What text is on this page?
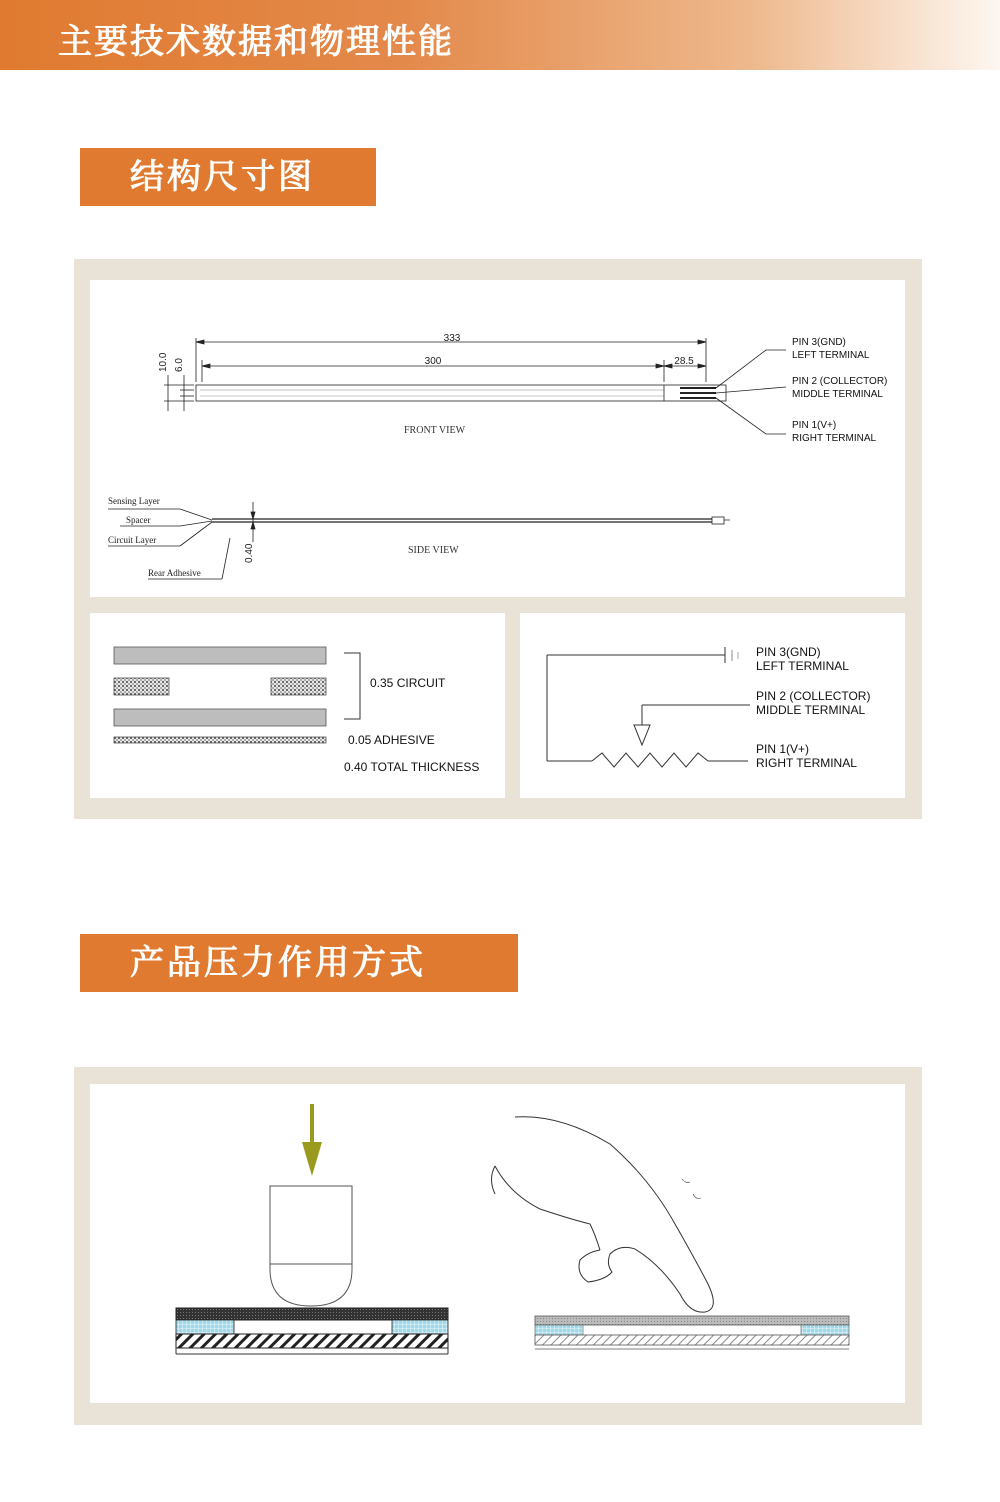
主要技术数据和物理性能
结构尺寸图
333
300	28.5
10.0 6.0
FRONT VIEW
PIN 3(GND)
LEFT TERMINAL
PIN 2 (COLLECTOR)
MIDDLE TERMINAL
PIN 1(V+)
RIGHT TERMINAL
Sensing Layer
Spacer
Circuit Layer
Rear Adhesive
0.40	SIDE VIEW
0.35 CIRCUIT
0.05 ADHESIVE
0.40 TOTAL THICKNESS
PIN 3(GND)
LEFT TERMINAL
PIN 2 (COLLECTOR)
MIDDLE TERMINAL
PIN 1(V+)
RIGHT TERMINAL
产品压力作用方式
